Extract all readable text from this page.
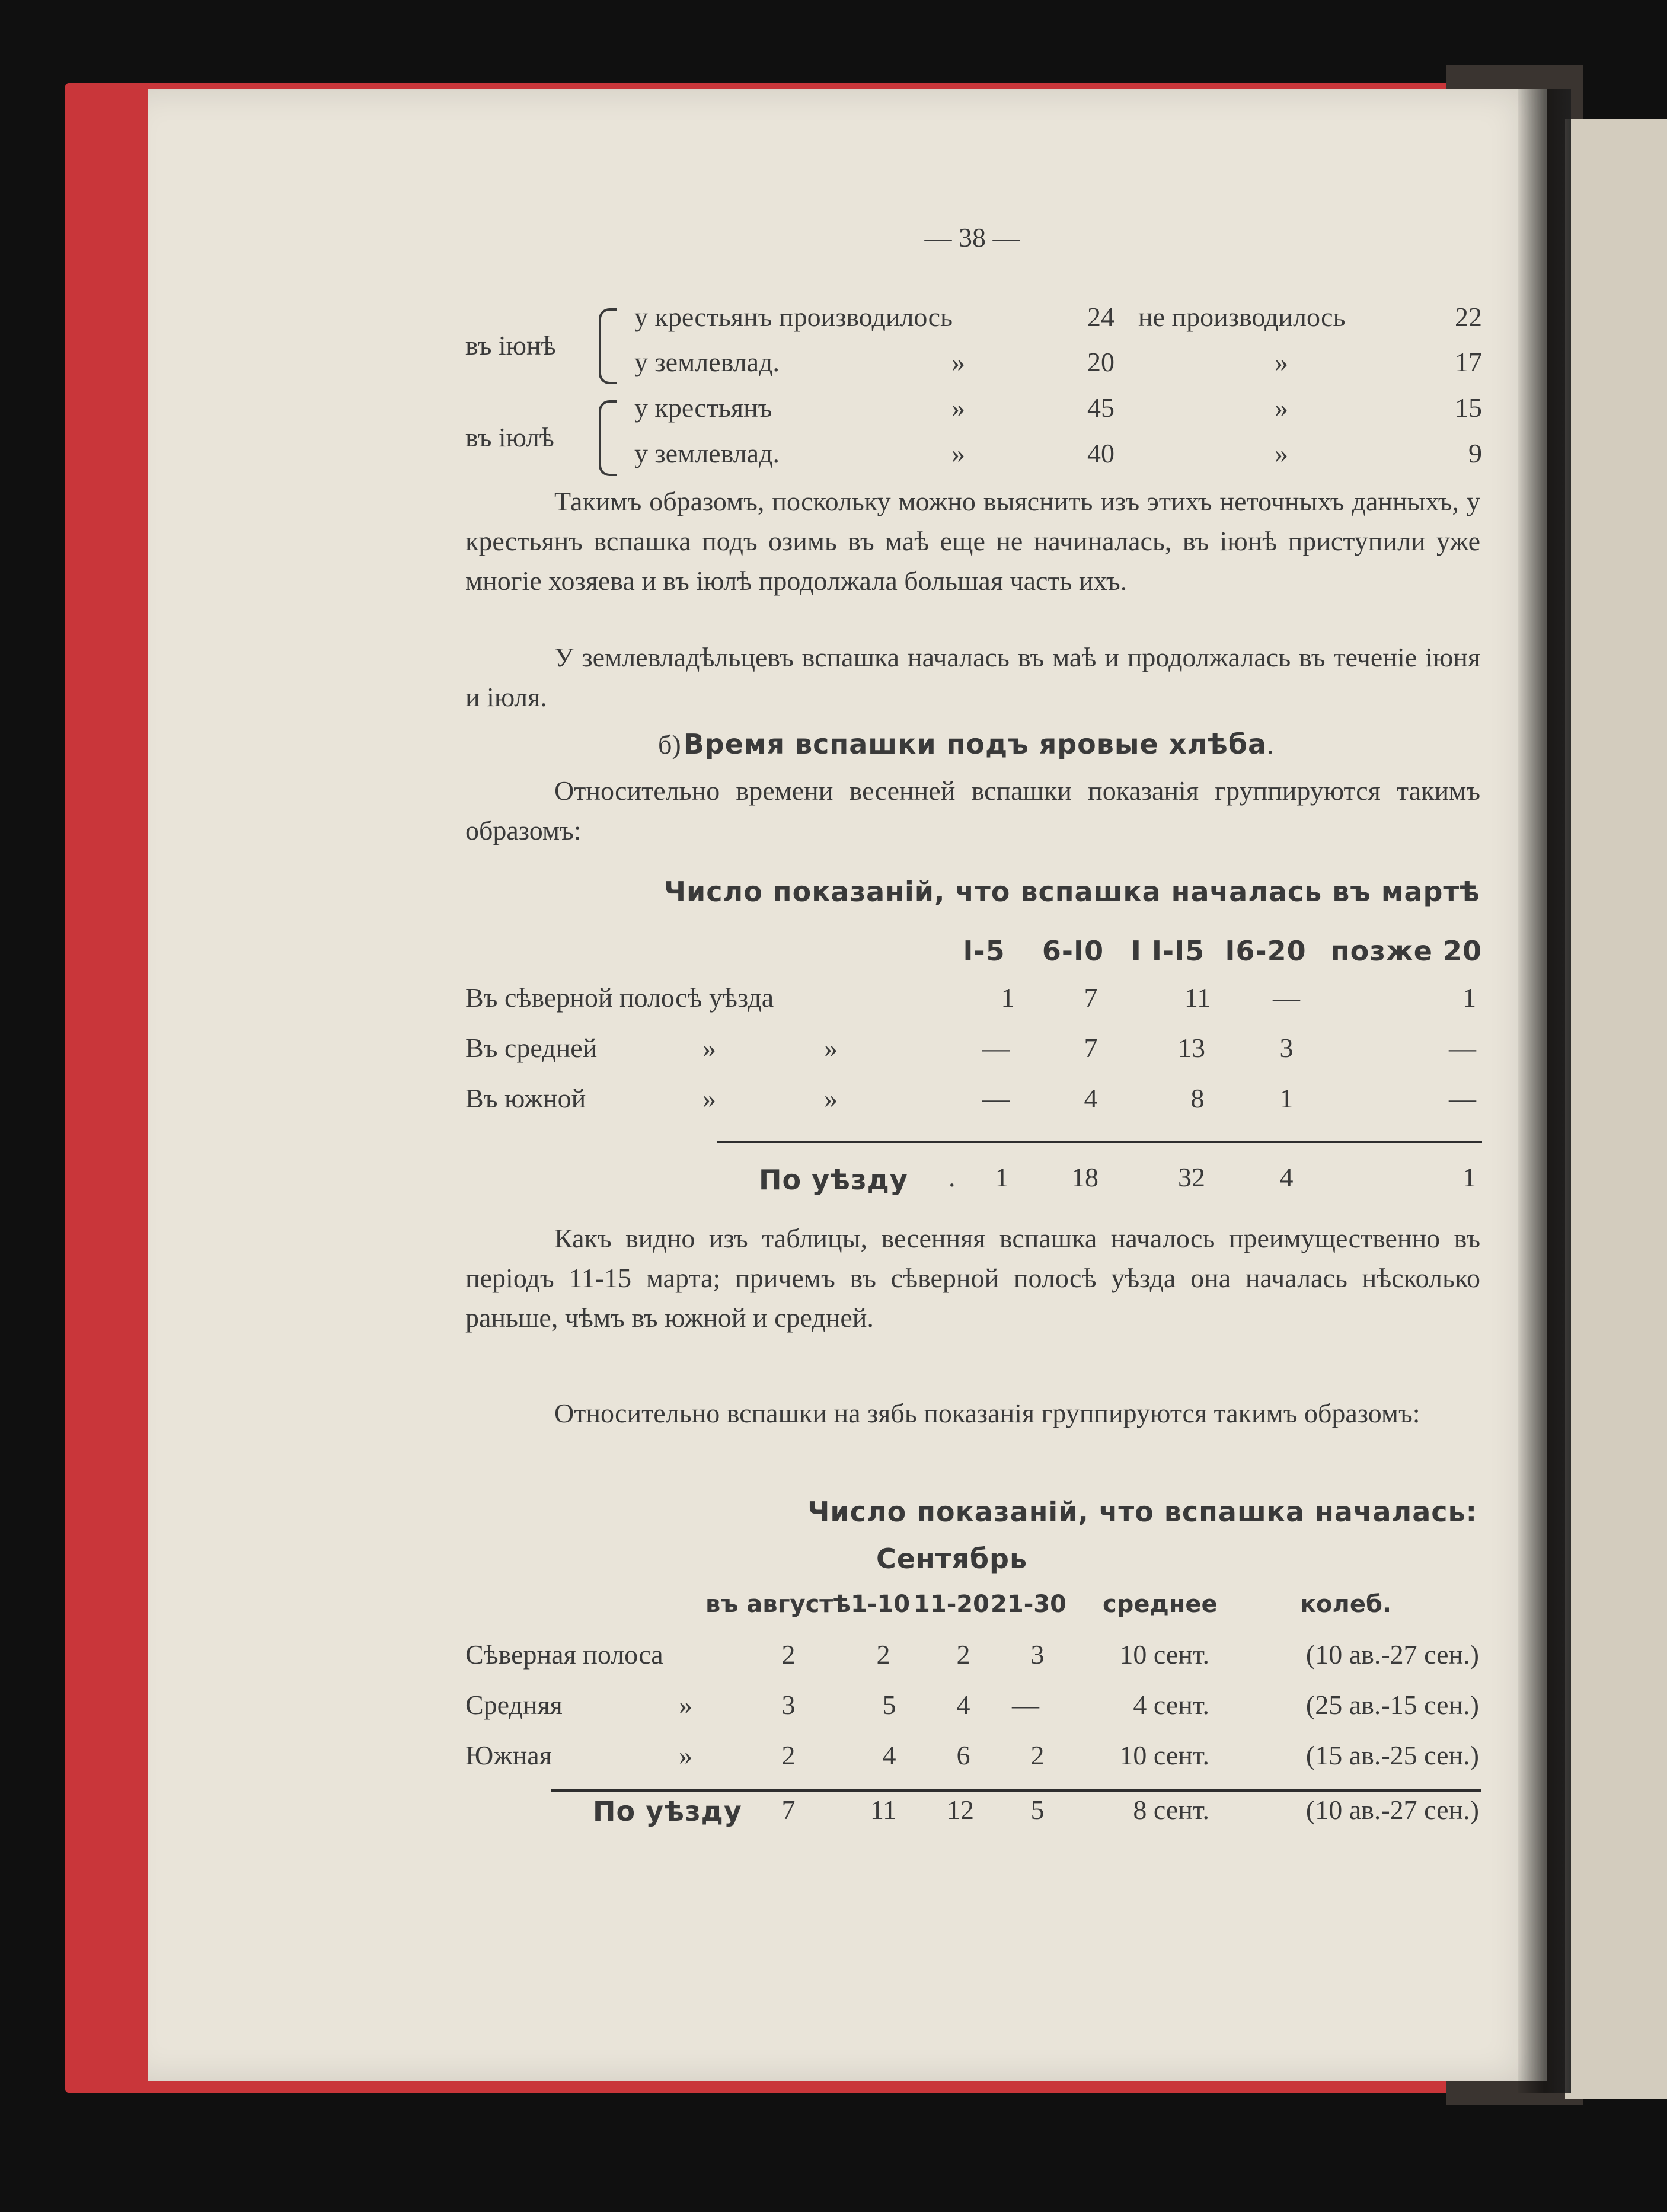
— 38 —
въ іюнѣ
въ іюлѣ
у крестьянъ производилось	24 не производилось	22
у землевлад.	»	20	»	17
у крестьянъ	»	45	»	15
у землевлад.	»	40	»	9

Такимъ образомъ, поскольку можно выяснить изъ этихъ неточныхъ данныхъ, у крестьянъ вспашка подъ озимь въ маѣ еще не начиналась, въ іюнѣ приступили уже многіе хозяева и въ іюлѣ продолжала большая часть ихъ.

У землевладѣльцевъ вспашка началась въ маѣ и продолжалась въ теченіе іюня и іюля.

б) Время вспашки подъ яровые хлѣба.

Относительно времени весенней вспашки показанія группируются такимъ образомъ:

Число показаній, что вспашка началась въ мартѣ
I-5	6-I0 I I-I5 I6-20 позже 20
Въ сѣверной полосѣ уѣзда	1	7	11	—	1
Въ средней	»	»	—	7	13	3	—
Въ южной	»	»	—	4	8	1	—
По уѣзду .	1	18	32	4	1

Какъ видно изъ таблицы, весенняя вспашка началось преимущественно въ періодъ 11-15 марта; причемъ въ сѣверной полосѣ уѣзда она началась нѣсколько раньше, чѣмъ въ южной и средней.

Относительно вспашки на зябь показанія группируются такимъ образомъ:

Число показаній, что вспашка началась:
Сентябрь
въ августѣ 1-10 11-20 21-30 среднее	колеб.
Сѣверная полоса	2	2	2	3	10 сент.	(10 ав.-27 сен.)
Средняя	»	3	5	4	—	4 сент.	(25 ав.-15 сен.)
Южная	»	2	4	6	2	10 сент.	(15 ав.-25 сен.)
По уѣзду	7	11	12	5	8 сент.	(10 ав.-27 сен.)
